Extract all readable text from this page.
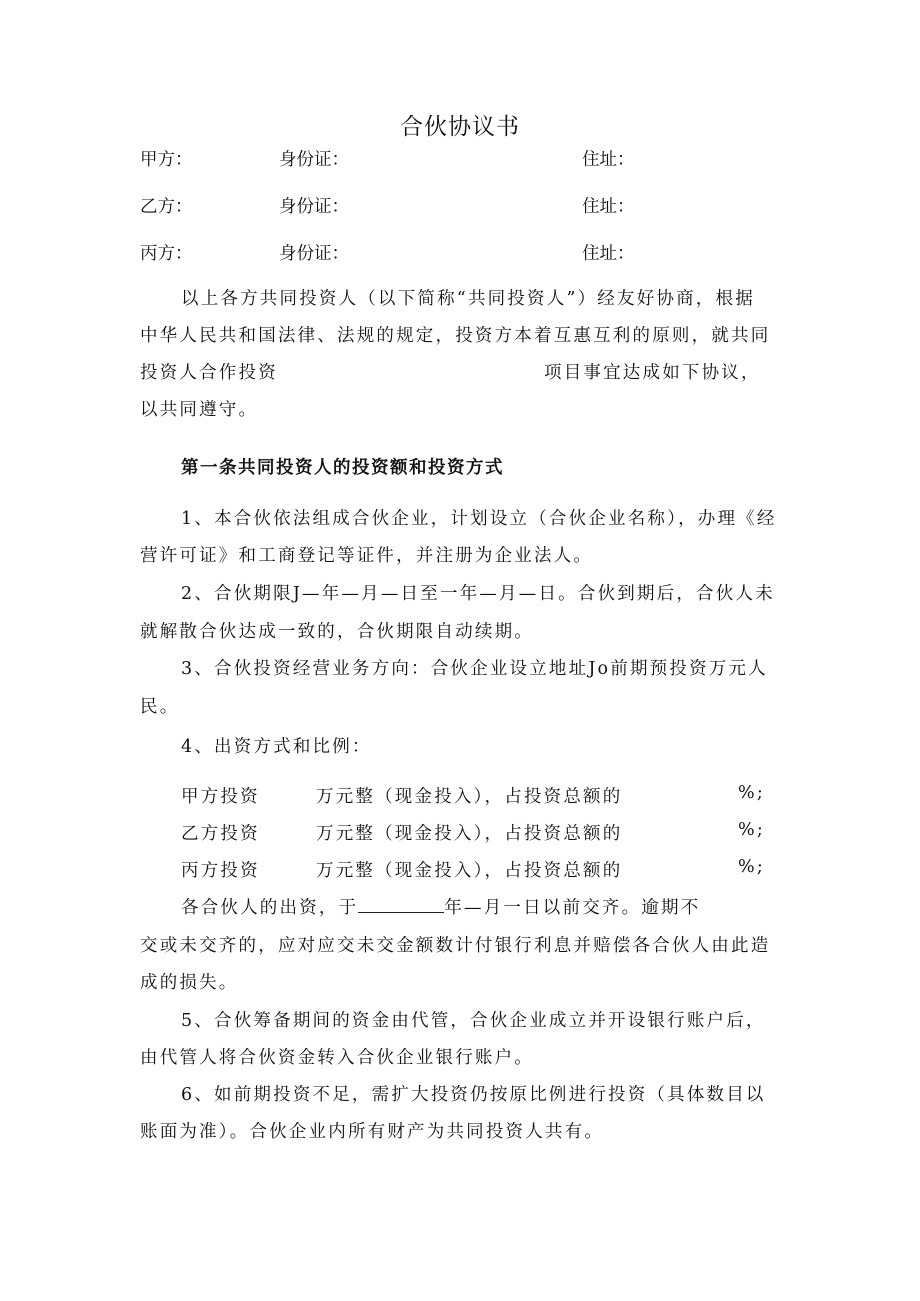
合伙协议书
甲方：	身份证：	住址：
乙方：	身份证：	住址：
丙方：	身份证：	住址：
以上各方共同投资人（以下简称“共同投资人”）经友好协商，根据
中华人民共和国法律、法规的规定，投资方本着互惠互利的原则，就共同
投资人合作投资	项目事宜达成如下协议，
以共同遵守。
第一条共同投资人的投资额和投资方式
1、本合伙依法组成合伙企业，计划设立（合伙企业名称），办理《经
营许可证》和工商登记等证件，并注册为企业法人。
2、合伙期限J—年—月—日至一年—月—日。合伙到期后，合伙人未
就解散合伙达成一致的，合伙期限自动续期。
3、合伙投资经营业务方向：合伙企业设立地址Jo前期预投资万元人
民。
4、出资方式和比例：
甲方投资	万元整（现金投入），占投资总额的	%;
乙方投资	万元整（现金投入），占投资总额的	%;
丙方投资	万元整（现金投入），占投资总额的	%;
各合伙人的出资，于	年—月一日以前交齐。逾期不
交或未交齐的，应对应交未交金额数计付银行利息并赔偿各合伙人由此造
成的损失。
5、合伙筹备期间的资金由代管，合伙企业成立并开设银行账户后，
由代管人将合伙资金转入合伙企业银行账户。
6、如前期投资不足，需扩大投资仍按原比例进行投资（具体数目以
账面为准）。合伙企业内所有财产为共同投资人共有。
